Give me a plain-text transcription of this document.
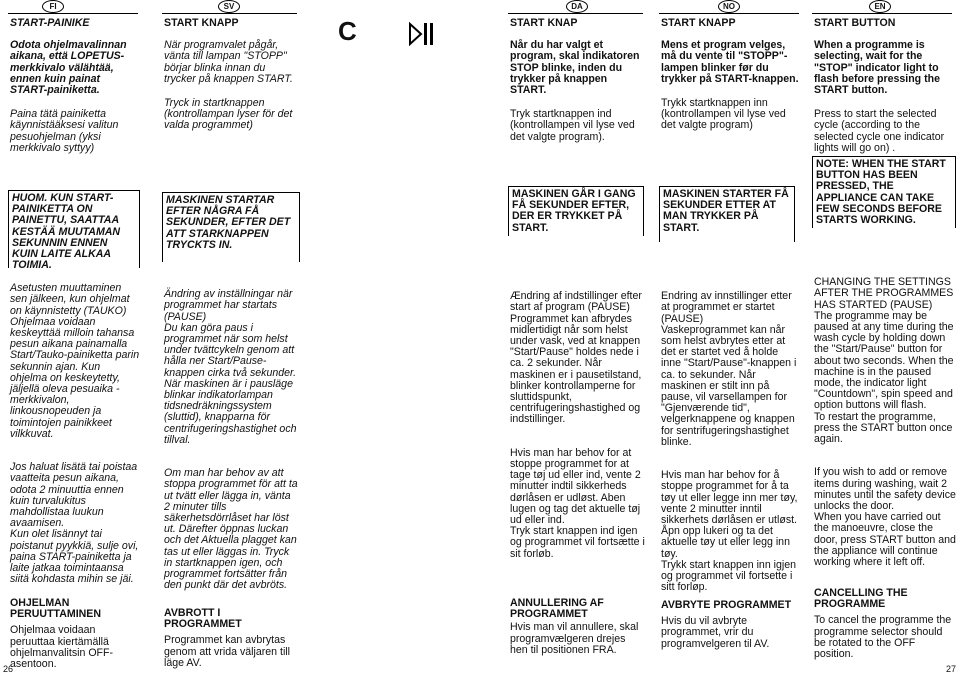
FI	SV	DA	NO	EN
C
START-PAINIKE
Odota ohjelmavalinnan aikana, että LOPETUS-merkkivalo välähtää, ennen kuin painat START-painiketta.
Paina tätä painiketta käynnistääksesi valitun pesuohjelman (yksi merkkivalo syttyy)
HUOM. KUN START-PAINIKETTA ON PAINETTU, SAATTAA KESTÄÄ MUUTAMAN SEKUNNIN ENNEN KUIN LAITE ALKAA TOIMIA.

Asetusten muuttaminen sen jälkeen, kun ohjelmat on käynnistetty (TAUKO)
Ohjelmaa voidaan keskeyttää milloin tahansa pesun aikana painamalla Start/Tauko-painiketta parin sekunnin ajan. Kun ohjelma on keskeytetty, jäljellä oleva pesuaika -merkkivalon, linkousnopeuden ja toimintojen painikkeet vilkkuvat.

Jos haluat lisätä tai poistaa vaatteita pesun aikana, odota 2 minuuttia ennen kuin turvalukitus mahdollistaa luukun avaamisen.
Kun olet lisännyt tai poistanut pyykkiä, sulje ovi, paina START-painiketta ja laite jatkaa toimintaansa siitä kohdasta mihin se jäi.

OHJELMAN PERUUTTAMINEN
Ohjelmaa voidaan peruuttaa kiertämällä ohjelmanvalitsin OFF-asentoon.
START KNAPP
När programvalet pågår, vänta till lampan "STOPP" börjar blinka innan du trycker på knappen START.
Tryck in startknappen (kontrollampan lyser för det valda programmet)
MASKINEN STARTAR EFTER NÅGRA FÅ SEKUNDER, EFTER DET ATT STARKNAPPEN TRYCKTS IN.

Ändring av inställningar när programmet har startats (PAUSE)
Du kan göra paus i programmet när som helst under tvättcykeln genom att hålla ner Start/Pause-knappen cirka två sekunder. När maskinen är i pausläge blinkar indikatorlampan tidsnedräkningssystem (sluttid), knapparna för centrifugeringshastighet och tillval.

Om man har behov av att stoppa programmet för att ta ut tvätt eller lägga in, vänta 2 minuter tills säkerhetsdörrlåset har löst ut. Därefter öppnas luckan och det Aktuella plagget kan tas ut eller läggas in. Tryck in startknappen igen, och programmet fortsätter från den punkt där det avbröts.

AVBROTT I PROGRAMMET
Programmet kan avbrytas genom att vrida väljaren till läge AV.
START KNAP
Når du har valgt et program, skal indikatoren STOP blinke, inden du trykker på knappen START.
Tryk startknappen ind (kontrollampen vil lyse ved det valgte program).
MASKINEN GÅR I GANG FÅ SEKUNDER EFTER, DER ER TRYKKET PÅ START.

Ændring af indstillinger efter start af program (PAUSE)
Programmet kan afbrydes midlertidigt når som helst under vask, ved at knappen "Start/Pause" holdes nede i ca. 2 sekunder. Når maskinen er i pausetilstand, blinker kontrollamperne for sluttidspunkt, centrifugeringshastighed og indstillinger.

Hvis man har behov for at stoppe programmet for at tage tøj ud eller ind, vente 2 minutter indtil sikkerheds dørlåsen er udløst. Aben lugen og tag det aktuelle tøj ud eller ind.
Tryk start knappen ind igen og programmet vil fortsætte i sit forløb.

ANNULLERING AF PROGRAMMET
Hvis man vil annullere, skal programvælgeren drejes hen til positionen FRA.
START KNAPP
Mens et program velges, må du vente til "STOPP"-lampen blinker før du trykker på START-knappen.
Trykk startknappen inn (kontrollampen vil lyse ved det valgte program)
MASKINEN STARTER FÅ SEKUNDER ETTER AT MAN TRYKKER PÅ START.

Endring av innstillinger etter at programmet er startet (PAUSE)
Vaskeprogrammet kan når som helst avbrytes etter at det er startet ved å holde inne "Start/Pause"-knappen i ca. to sekunder. Når maskinen er stilt inn på pause, vil varsellampen for "Gjenværende tid", velgerknappene og knappen for sentrifugeringshastighet blinke.

Hvis man har behov for å stoppe programmet for å ta tøy ut eller legge inn mer tøy, vente 2 minutter inntil sikkerhets dørlåsen er utløst. Åpn opp lukeri og ta det aktuelle tøy ut eller legg inn tøy.
Trykk start knappen inn igjen og programmet vil fortsette i sitt forløp.

AVBRYTE PROGRAMMET
Hvis du vil avbryte programmet, vrir du programvelgeren til AV.
START BUTTON
When a programme is selecting, wait for the "STOP" indicator light to flash before pressing the START button.
Press to start the selected cycle (according to the selected cycle one indicator lights will go on) .
NOTE: WHEN THE START BUTTON HAS BEEN PRESSED, THE APPLIANCE CAN TAKE FEW SECONDS BEFORE STARTS WORKING.

CHANGING THE SETTINGS AFTER THE PROGRAMMES HAS STARTED (PAUSE)
The programme may be paused at any time during the wash cycle by holding down the "Start/Pause" button for about two seconds. When the machine is in the paused mode, the indicator light "Countdown", spin speed and option buttons will flash.
To restart the programme, press the START button once again.

If you wish to add or remove items during washing, wait 2 minutes until the safety device unlocks the door.
When you have carried out the manoeuvre, close the door, press START button and the appliance will continue working where it left off.

CANCELLING THE PROGRAMME
To cancel the programme the programme selector should be rotated to the OFF position.
26	27
